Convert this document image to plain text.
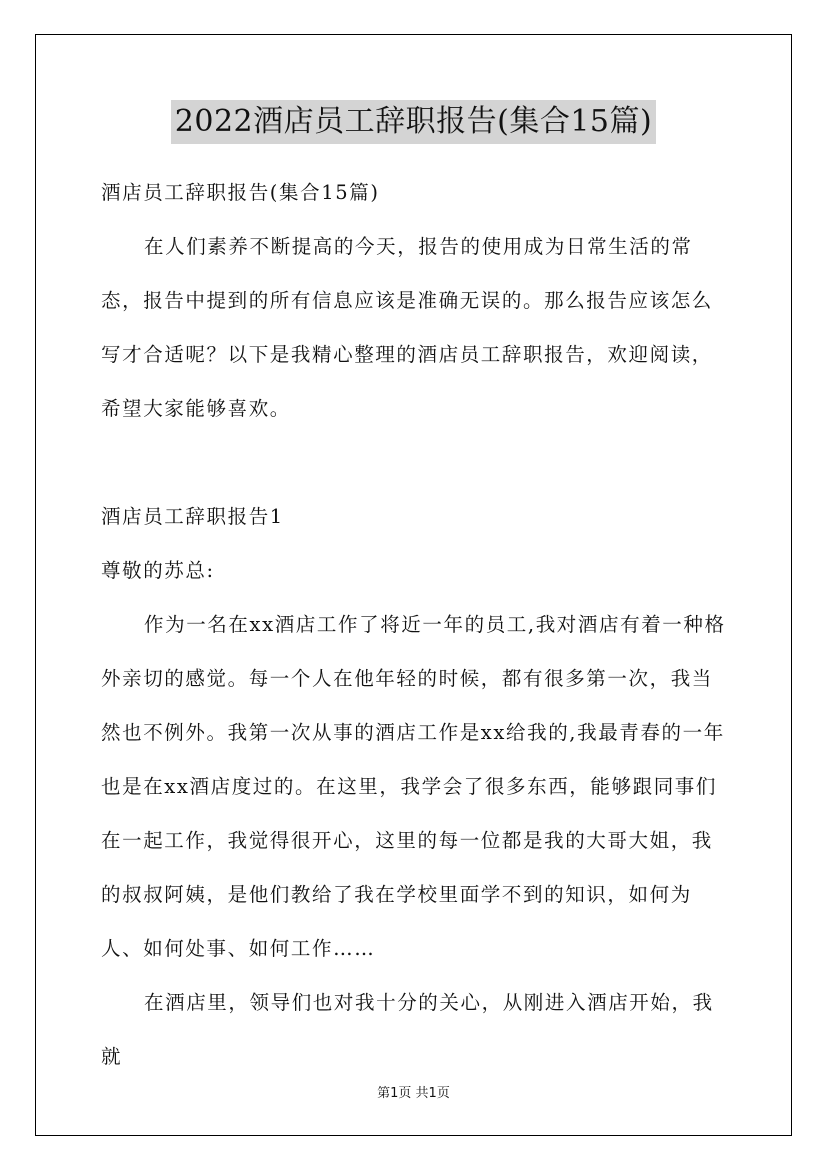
2022酒店员工辞职报告(集合15篇)

酒店员工辞职报告(集合15篇)

在人们素养不断提高的今天，报告的使用成为日常生活的常态，报告中提到的所有信息应该是准确无误的。那么报告应该怎么写才合适呢？以下是我精心整理的酒店员工辞职报告，欢迎阅读，希望大家能够喜欢。

酒店员工辞职报告1

尊敬的苏总:

作为一名在xx酒店工作了将近一年的员工,我对酒店有着一种格外亲切的感觉。每一个人在他年轻的时候，都有很多第一次，我当然也不例外。我第一次从事的酒店工作是xx给我的,我最青春的一年也是在xx酒店度过的。在这里，我学会了很多东西，能够跟同事们在一起工作，我觉得很开心，这里的每一位都是我的大哥大姐，我的叔叔阿姨，是他们教给了我在学校里面学不到的知识，如何为人、如何处事、如何工作……

在酒店里，领导们也对我十分的关心，从刚进入酒店开始，我就

第1页 共1页
